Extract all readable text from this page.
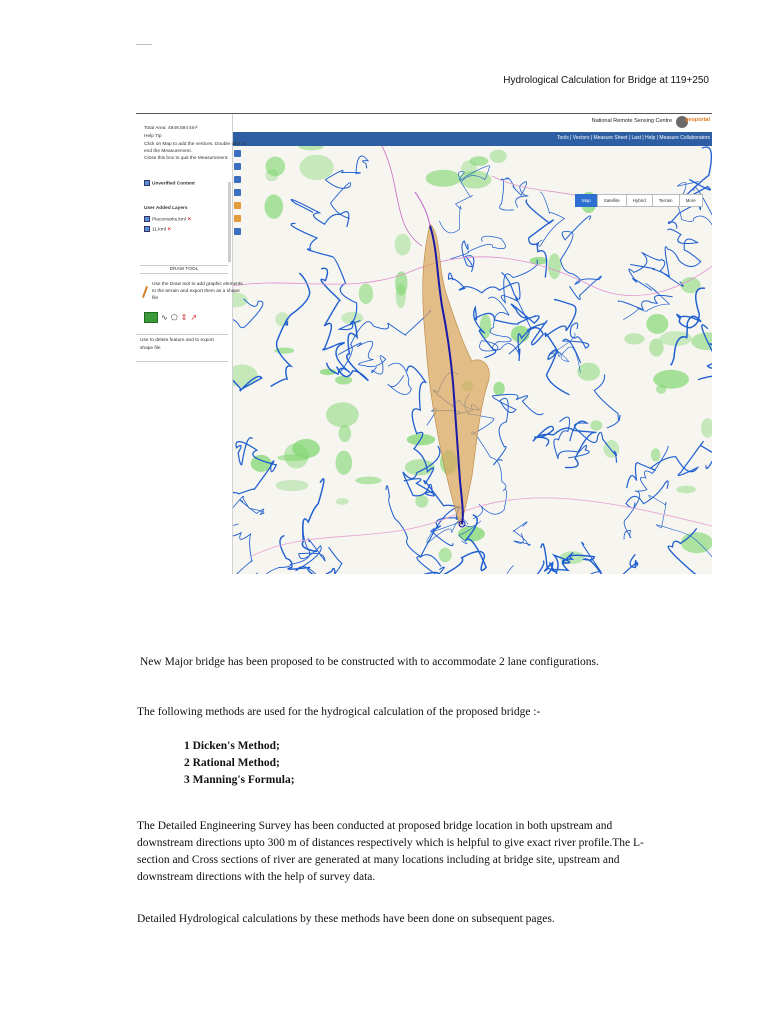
Hydrological Calculation for Bridge at 119+250
National Remote Sensing Centre geoportal
Tools | Vectors | Measure Sheet | Last | Help | Measure Collaborators
Total Area: 4949,594 km²
Help Tip
Click on Map to add the vertices. Double click to
end the Measurement.
Close this box to quit the Measurement.
Unverified Content
User Added Layers
Placemarks.kml ✕
11.kml ✕
DRAW TOOL
Use the Draw tool to add graphic elements
to the terrain and export them as a shape
file
∿ ⬠ ⇕ ↗
Use to delete feature and to export
shape file
Map	Satellite	Hybrid	Terrain	More
New Major bridge has been proposed to be constructed with to accommodate 2 lane configurations.
The following methods are used for the hydrogical calculation of the proposed bridge :-
1 Dicken's Method;
2 Rational Method;
3 Manning's Formula;
The Detailed Engineering Survey has been conducted at proposed bridge location in both upstream and
downstream directions upto 300 m of distances respectively which is helpful to give exact river profile.The L-
section and Cross sections of river are generated at many locations including at bridge site, upstream and
downstream directions with the help of survey data.
Detailed Hydrological calculations by these methods have been done on subsequent pages.
